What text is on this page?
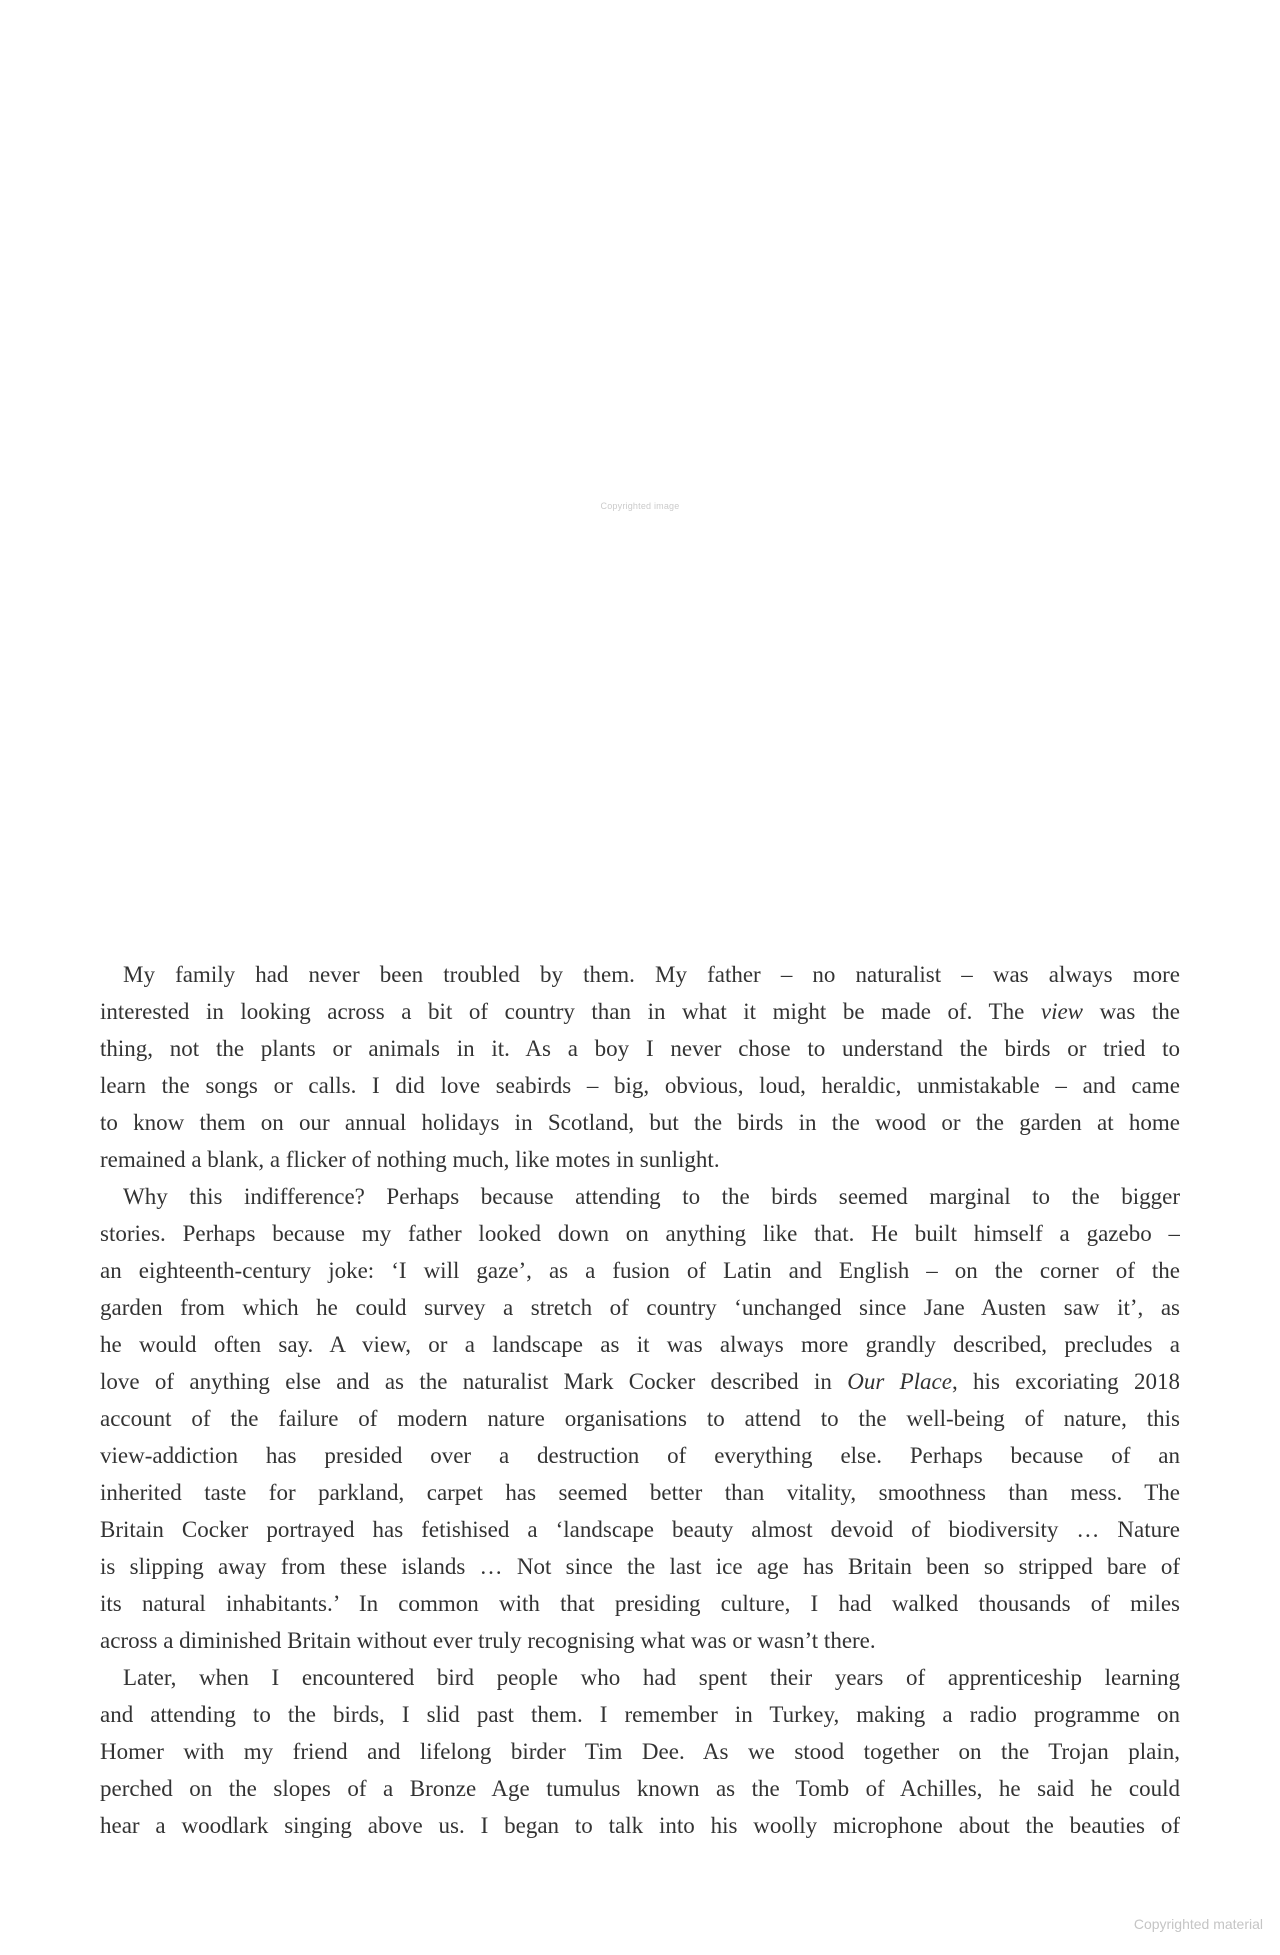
Copyrighted image
My family had never been troubled by them. My father – no naturalist – was always more
interested in looking across a bit of country than in what it might be made of. The view was the
thing, not the plants or animals in it. As a boy I never chose to understand the birds or tried to
learn the songs or calls. I did love seabirds – big, obvious, loud, heraldic, unmistakable – and came
to know them on our annual holidays in Scotland, but the birds in the wood or the garden at home
remained a blank, a flicker of nothing much, like motes in sunlight.
Why this indifference? Perhaps because attending to the birds seemed marginal to the bigger
stories. Perhaps because my father looked down on anything like that. He built himself a gazebo –
an eighteenth-century joke: ‘I will gaze’, as a fusion of Latin and English – on the corner of the
garden from which he could survey a stretch of country ‘unchanged since Jane Austen saw it’, as
he would often say. A view, or a landscape as it was always more grandly described, precludes a
love of anything else and as the naturalist Mark Cocker described in Our Place, his excoriating 2018
account of the failure of modern nature organisations to attend to the well-being of nature, this
view-addiction has presided over a destruction of everything else. Perhaps because of an
inherited taste for parkland, carpet has seemed better than vitality, smoothness than mess. The
Britain Cocker portrayed has fetishised a ‘landscape beauty almost devoid of biodiversity … Nature
is slipping away from these islands … Not since the last ice age has Britain been so stripped bare of
its natural inhabitants.’ In common with that presiding culture, I had walked thousands of miles
across a diminished Britain without ever truly recognising what was or wasn’t there.
Later, when I encountered bird people who had spent their years of apprenticeship learning
and attending to the birds, I slid past them. I remember in Turkey, making a radio programme on
Homer with my friend and lifelong birder Tim Dee. As we stood together on the Trojan plain,
perched on the slopes of a Bronze Age tumulus known as the Tomb of Achilles, he said he could
hear a woodlark singing above us. I began to talk into his woolly microphone about the beauties of
Copyrighted material
